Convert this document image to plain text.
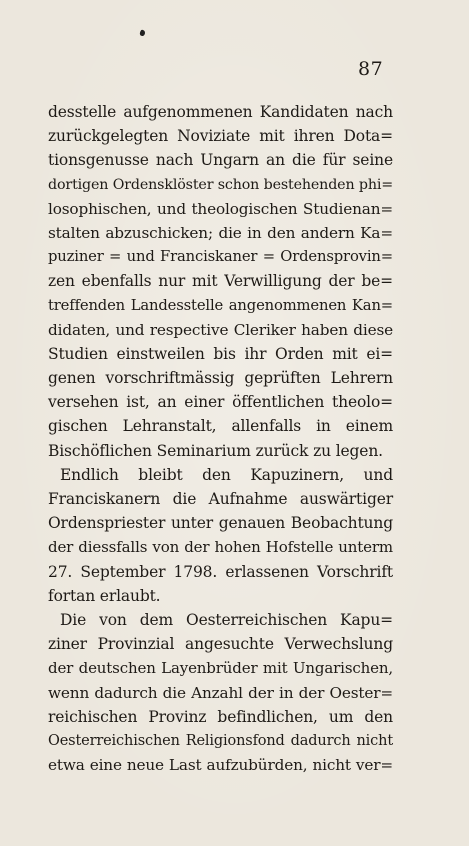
87
desstelle aufgenommenen Kandidaten nach
zurückgelegten Noviziate mit ihren Dota=
tionsgenusse nach Ungarn an die für seine
dortigen Ordensklöster schon bestehenden phi=
losophischen, und theologischen Studienan=
stalten abzuschicken; die in den andern Ka=
puziner = und Franciskaner = Ordensprovin=
zen ebenfalls nur mit Verwilligung der be=
treffenden Landesstelle angenommenen Kan=
didaten, und respective Cleriker haben diese
Studien einstweilen bis ihr Orden mit ei=
genen vorschriftmässig geprüften Lehrern
versehen ist, an einer öffentlichen theolo=
gischen Lehranstalt, allenfalls in einem
Bischöflichen Seminarium zurück zu legen.
Endlich bleibt den Kapuzinern, und
Franciskanern die Aufnahme auswärtiger
Ordenspriester unter genauen Beobachtung
der diessfalls von der hohen Hofstelle unterm
27. September 1798. erlassenen Vorschrift
fortan erlaubt.
Die von dem Oesterreichischen Kapu=
ziner Provinzial angesuchte Verwechslung
der deutschen Layenbrüder mit Ungarischen,
wenn dadurch die Anzahl der in der Oester=
reichischen Provinz befindlichen, um den
Oesterreichischen Religionsfond dadurch nicht
etwa eine neue Last aufzubürden, nicht ver=
